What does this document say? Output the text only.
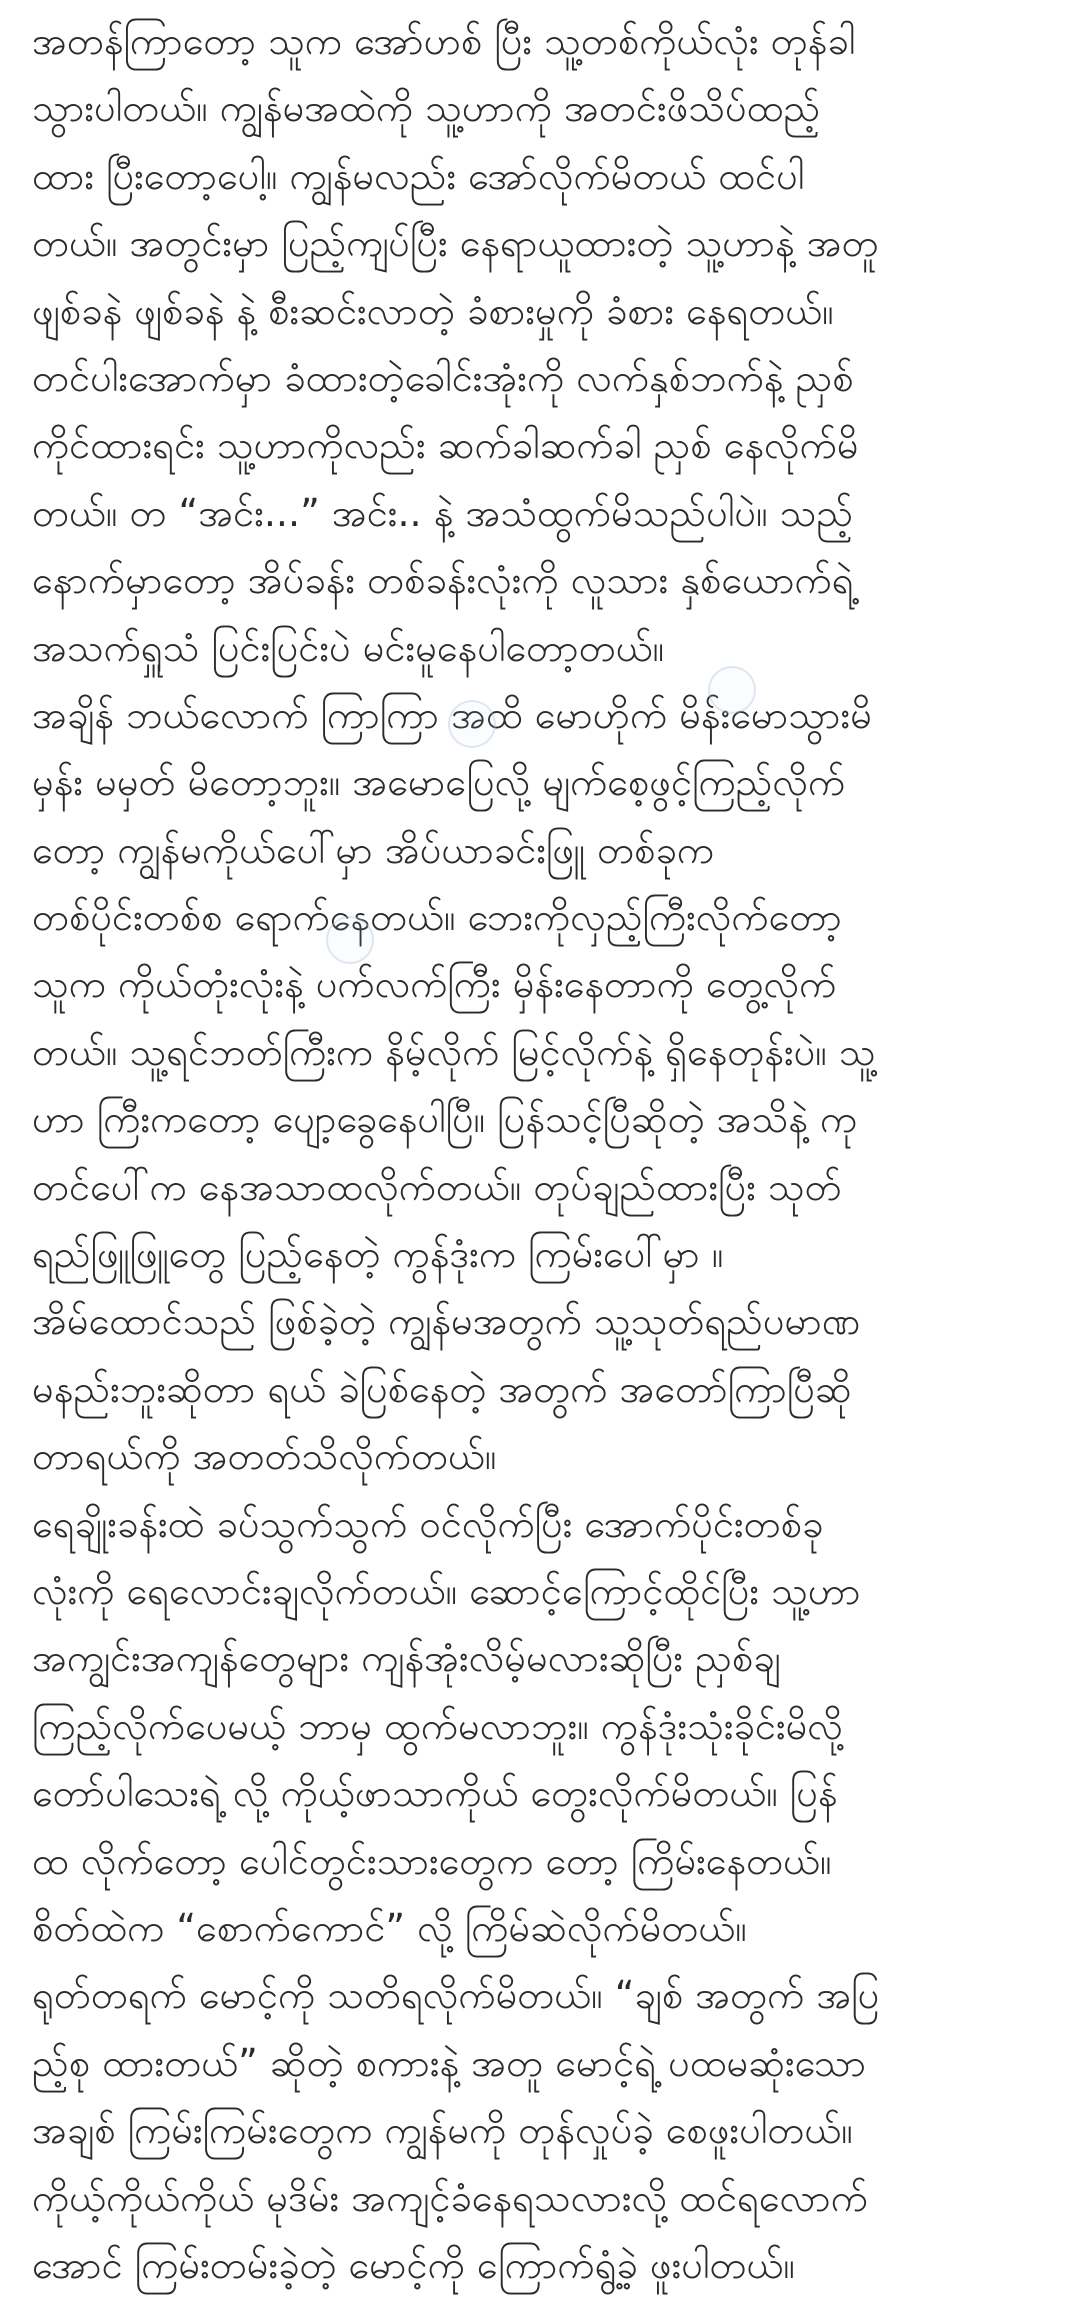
အတန်ကြာတော့ သူက အော်ဟစ် ပြီး သူ့တစ်ကိုယ်လုံး တုန်ခါ
သွားပါတယ်။ ကျွန်မအထဲကို သူ့ဟာကို အတင်းဖိသိပ်ထည့်
ထား ပြီးတော့ပေါ့။ ကျွန်မလည်း အော်လိုက်မိတယ် ထင်ပါ
တယ်။ အတွင်းမှာ ပြည့်ကျပ်ပြီး နေရာယူထားတဲ့ သူ့ဟာနဲ့ အတူ
ဖျစ်ခနဲ ဖျစ်ခနဲ နဲ့ စီးဆင်းလာတဲ့ ခံစားမှုကို ခံစား နေရတယ်။
တင်ပါးအောက်မှာ ခံထားတဲ့ခေါင်းအုံးကို လက်နှစ်ဘက်နဲ့ ညှစ်
ကိုင်ထားရင်း သူ့ဟာကိုလည်း ဆက်ခါဆက်ခါ ညှစ် နေလိုက်မိ
တယ်။ တ “အင်း...” အင်း.. နဲ့ အသံထွက်မိသည်ပါပဲ။ သည့်
နောက်မှာတော့ အိပ်ခန်း တစ်ခန်းလုံးကို လူသား နှစ်ယောက်ရဲ့
အသက်ရှူသံ ပြင်းပြင်းပဲ မင်းမူနေပါတော့တယ်။
အချိန် ဘယ်လောက် ကြာကြာ အထိ မောဟိုက် မိန်းမောသွားမိ
မှန်း မမှတ် မိတော့ဘူး။ အမောပြေလို့ မျက်စေ့ဖွင့်ကြည့်လိုက်
တော့ ကျွန်မကိုယ်ပေါ်မှာ အိပ်ယာခင်းဖြူ တစ်ခုက
တစ်ပိုင်းတစ်စ ရောက်နေတယ်။ ဘေးကိုလှည့်ကြီးလိုက်တော့
သူက ကိုယ်တုံးလုံးနဲ့ ပက်လက်ကြီး မှိန်းနေတာကို တွေ့လိုက်
တယ်။ သူ့ရင်ဘတ်ကြီးက နိမ့်လိုက် မြင့်လိုက်နဲ့ ရှိနေတုန်းပဲ။ သူ့
ဟာ ကြီးကတော့ ပျော့ခွေနေပါပြီ။ ပြန်သင့်ပြီဆိုတဲ့ အသိနဲ့ ကု
တင်ပေါ်က နေအသာထလိုက်တယ်။ တုပ်ချည်ထားပြီး သုတ်
ရည်ဖြူဖြူတွေ ပြည့်နေတဲ့ ကွန်ဒုံးက ကြမ်းပေါ်မှာ ။
အိမ်ထောင်သည် ဖြစ်ခဲ့တဲ့ ကျွန်မအတွက် သူ့သုတ်ရည်ပမာဏ
မနည်းဘူးဆိုတာ ရယ် ခဲပြစ်နေတဲ့ အတွက် အတော်ကြာပြီဆို
တာရယ်ကို အတတ်သိလိုက်တယ်။
ရေချိုးခန်းထဲ ခပ်သွက်သွက် ဝင်လိုက်ပြီး အောက်ပိုင်းတစ်ခု
လုံးကို ရေလောင်းချလိုက်တယ်။ ဆောင့်ကြောင့်ထိုင်ပြီး သူ့ဟာ
အကျွင်းအကျန်တွေများ ကျန်အုံးလိမ့်မလားဆိုပြီး ညှစ်ချ
ကြည့်လိုက်ပေမယ့် ဘာမှ ထွက်မလာဘူး။ ကွန်ဒုံးသုံးခိုင်းမိလို့
တော်ပါသေးရဲ့ လို့ ကိုယ့်ဖာသာကိုယ် တွေးလိုက်မိတယ်။ ပြန်
ထ လိုက်တော့ ပေါင်တွင်းသားတွေက တော့ ကြိမ်းနေတယ်။
စိတ်ထဲက “စောက်ကောင်” လို့ ကြိမ်ဆဲလိုက်မိတယ်။
ရုတ်တရက် မောင့်ကို သတိရလိုက်မိတယ်။ “ချစ် အတွက် အပြ
ည့်စု ထားတယ်” ဆိုတဲ့ စကားနဲ့ အတူ မောင့်ရဲ့ ပထမဆုံးသော
အချစ် ကြမ်းကြမ်းတွေက ကျွန်မကို တုန်လှုပ်ခဲ့ စေဖူးပါတယ်။
ကိုယ့်ကိုယ်ကိုယ် မုဒိမ်း အကျင့်ခံနေရသလားလို့ ထင်ရလောက်
အောင် ကြမ်းတမ်းခဲ့တဲ့ မောင့်ကို ကြောက်ရွံ့ခဲ့ ဖူးပါတယ်။
